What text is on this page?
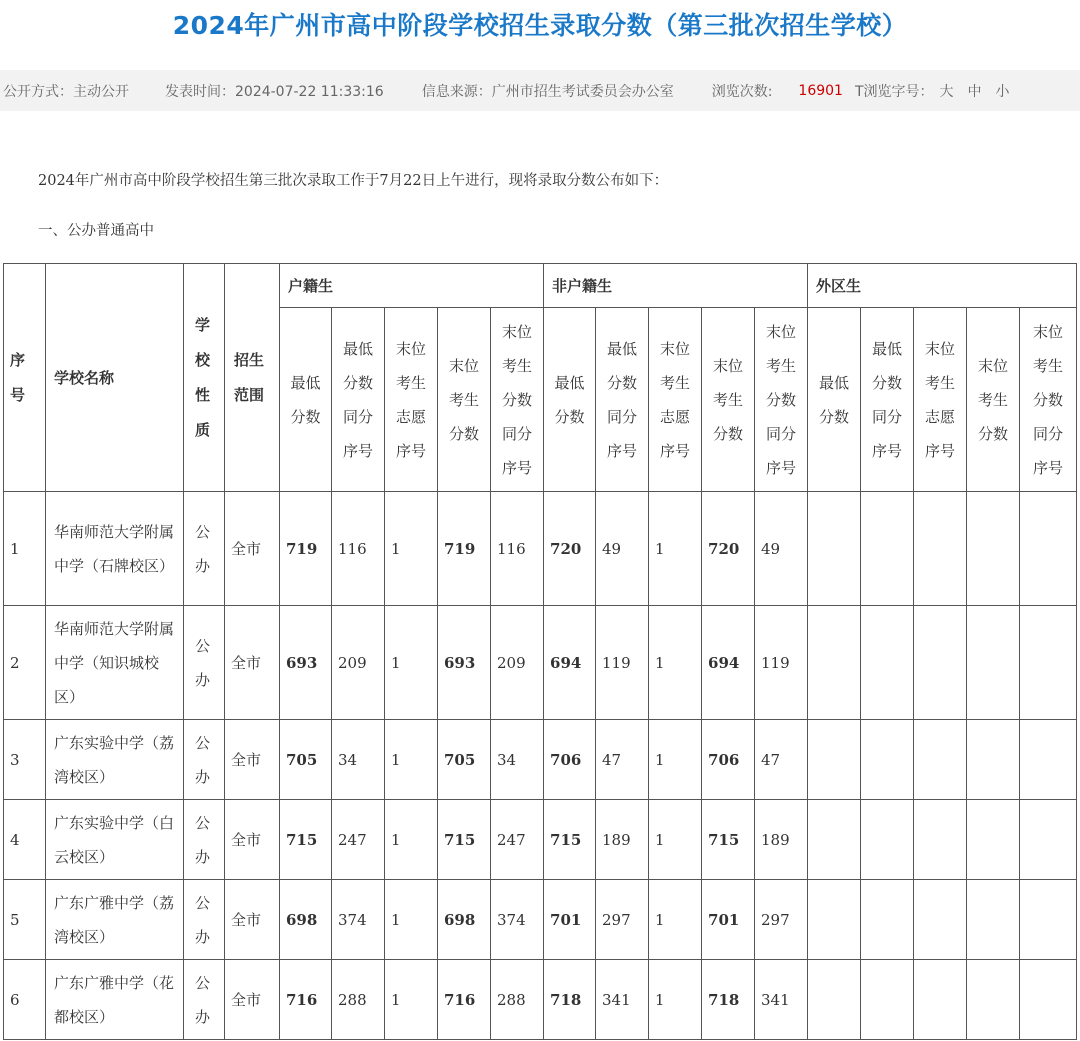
2024年广州市高中阶段学校招生录取分数（第三批次招生学校）
公开方式：主动公开	发表时间：2024-07-22 11:33:16	信息来源：广州市招生考试委员会办公室	浏览次数: 16901 T浏览字号： 大 中 小
2024年广州市高中阶段学校招生第三批次录取工作于7月22日上午进行，现将录取分数公布如下：
一、公办普通高中
序号	学校名称	学校性质	招生范围	户籍生					非户籍生					外区生				
				最低分数	最低分数同分序号	末位考生志愿序号	末位考生分数	末位考生分数同分序号	最低分数	最低分数同分序号	末位考生志愿序号	末位考生分数	末位考生分数同分序号	最低分数	最低分数同分序号	末位考生志愿序号	末位考生分数	末位考生分数同分序号
1	华南师范大学附属中学（石牌校区）	公办	全市	719	116	1	719	116	720	49	1	720	49					
2	华南师范大学附属中学（知识城校区）	公办	全市	693	209	1	693	209	694	119	1	694	119					
3	广东实验中学（荔湾校区）	公办	全市	705	34	1	705	34	706	47	1	706	47					
4	广东实验中学（白云校区）	公办	全市	715	247	1	715	247	715	189	1	715	189					
5	广东广雅中学（荔湾校区）	公办	全市	698	374	1	698	374	701	297	1	701	297					
6	广东广雅中学（花都校区）	公办	全市	716	288	1	716	288	718	341	1	718	341					
